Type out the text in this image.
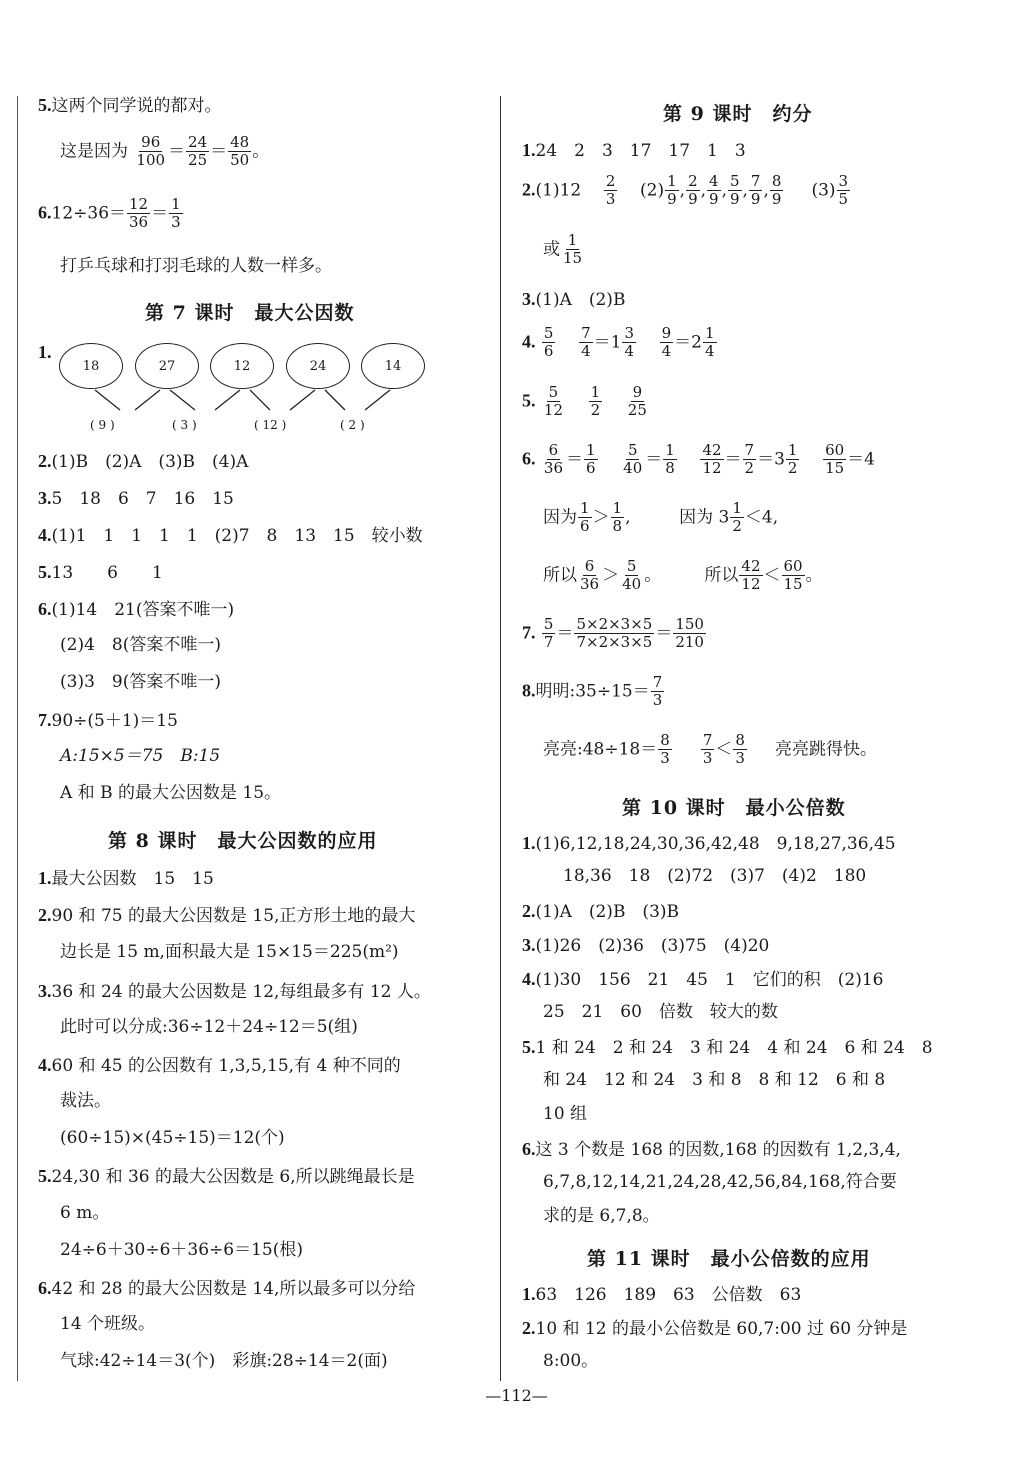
5.这两个同学说的都对。
这是因为 $\frac{96}{100} = \frac{24}{25} = \frac{48}{50}$ 。
$6.12\div 36= \frac{12}{36} = \frac{1}{3}$
打乒乓球和打羽毛球的人数一样多。
第 7 课时　最大公因数
1.
18	27	12	24	14
( 9 )	( 3 )	( 12 )	( 2 )
2.(1)B　(2)A　(3)B　(4)A
3.5　18　6　7　16　15
4.(1)1　1　1　1　1　(2)7　8　13　15　较小数
5.13　　6　　1
6.(1)14　21(答案不唯一)
(2)4　8(答案不唯一)
(3)3　9(答案不唯一)
7.90÷(5＋1)＝15
A:15×5＝75　B:15
A 和 B 的最大公因数是 15。
第 8 课时　最大公因数的应用
1.最大公因数　15　15
2.90 和 75 的最大公因数是 15,正方形土地的最大
边长是 15 m,面积最大是 15×15＝225(m²)
3.36 和 24 的最大公因数是 12,每组最多有 12 人。
此时可以分成:36÷12＋24÷12＝5(组)
4.60 和 45 的公因数有 1,3,5,15,有 4 种不同的
裁法。
(60÷15)×(45÷15)＝12(个)
5.24,30 和 36 的最大公因数是 6,所以跳绳最长是
6 m。
24÷6＋30÷6＋36÷6＝15(根)
6.42 和 28 的最大公因数是 14,所以最多可以分给
14 个班级。
气球:42÷14＝3(个)　彩旗:28÷14＝2(面)
第 9 课时　约分
1.24　2　3　17　17　1　3
$2.(1)12 \frac{2}{3} (2) \frac{1}{9}$ , $\frac{2}{9}$ , $\frac{4}{9}$ , $\frac{5}{9}$ , $\frac{7}{9}$ , $\frac{8}{9} (3) \frac{3}{5}$
或 $\frac{1}{15}$
3.(1)A　(2)B
4. $\frac{5}{6}$
$\frac{7}{4} =1 \frac{3}{4}$
$\frac{9}{4} =2 \frac{1}{4}$
5. $\frac{5}{12}$
$\frac{1}{2}$
$\frac{9}{25}$
6. $\frac{6}{36} = \frac{1}{6}$
$\frac{5}{40} = \frac{1}{8}$
$\frac{42}{12} = \frac{7}{2} =3 \frac{1}{2}$
$\frac{60}{15} =4$
因为 $\frac{1}{6} > \frac{1}{8}$ ,	因为 $3 \frac{1}{2} <4$,
所以 $\frac{6}{36} > \frac{5}{40}$ 。	所以 $\frac{42}{12} < \frac{60}{15}$ 。
7. $\frac{5}{7} = \frac{5\times 2\times 3\times 5}{7\times 2\times 3\times 5} = \frac{150}{210}$
8.明明:35÷15＝ $\frac{7}{3}$
亮亮:48÷18＝ $\frac{8}{3}$
$\frac{7}{3} < \frac{8}{3}$ 亮亮跳得快。
第 10 课时　最小公倍数
1.(1)6,12,18,24,30,36,42,48　9,18,27,36,45
18,36　18　(2)72　(3)7　(4)2　180
2.(1)A　(2)B　(3)B
3.(1)26　(2)36　(3)75　(4)20
4.(1)30　156　21　45　1　它们的积　(2)16
25　21　60　倍数　较大的数
5.1 和 24　2 和 24　3 和 24　4 和 24　6 和 24　8
和 24　12 和 24　3 和 8　8 和 12　6 和 8
10 组
6.这 3 个数是 168 的因数,168 的因数有 1,2,3,4,
6,7,8,12,14,21,24,28,42,56,84,168,符合要
求的是 6,7,8。
第 11 课时　最小公倍数的应用
1.63　126　189　63　公倍数　63
2.10 和 12 的最小公倍数是 60,7:00 过 60 分钟是
8:00。
—112—
